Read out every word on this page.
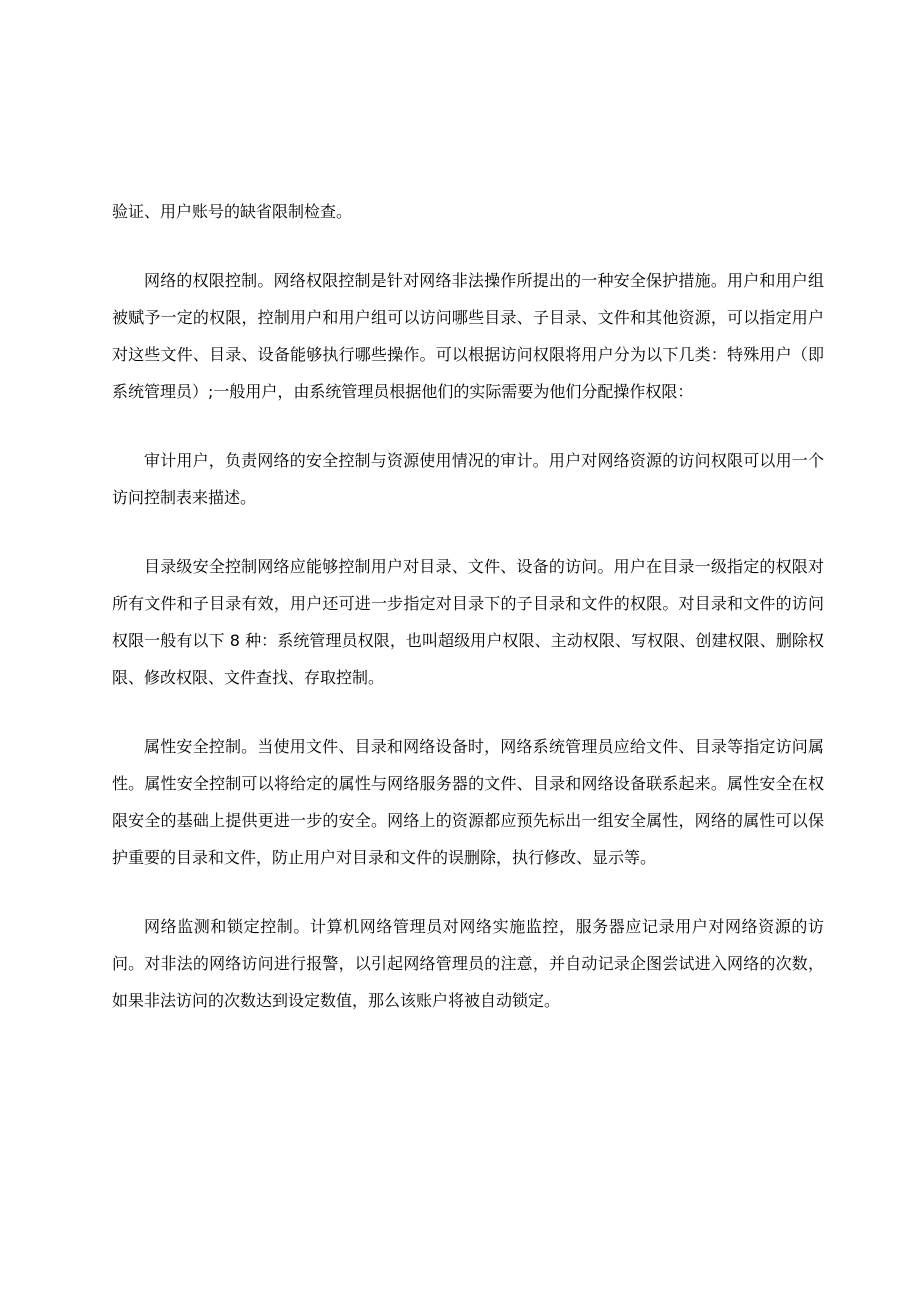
验证、用户账号的缺省限制检查。

网络的权限控制。网络权限控制是针对网络非法操作所提出的一种安全保护措施。用户和用户组被赋予一定的权限，控制用户和用户组可以访问哪些目录、子目录、文件和其他资源，可以指定用户对这些文件、目录、设备能够执行哪些操作。可以根据访问权限将用户分为以下几类：特殊用户（即系统管理员）;一般用户，由系统管理员根据他们的实际需要为他们分配操作权限：

审计用户，负责网络的安全控制与资源使用情况的审计。用户对网络资源的访问权限可以用一个访问控制表来描述。

目录级安全控制网络应能够控制用户对目录、文件、设备的访问。用户在目录一级指定的权限对所有文件和子目录有效，用户还可进一步指定对目录下的子目录和文件的权限。对目录和文件的访问权限一般有以下 8 种：系统管理员权限，也叫超级用户权限、主动权限、写权限、创建权限、删除权限、修改权限、文件查找、存取控制。

属性安全控制。当使用文件、目录和网络设备时，网络系统管理员应给文件、目录等指定访问属性。属性安全控制可以将给定的属性与网络服务器的文件、目录和网络设备联系起来。属性安全在权限安全的基础上提供更进一步的安全。网络上的资源都应预先标出一组安全属性，网络的属性可以保护重要的目录和文件，防止用户对目录和文件的误删除，执行修改、显示等。

网络监测和锁定控制。计算机网络管理员对网络实施监控，服务器应记录用户对网络资源的访问。对非法的网络访问进行报警，以引起网络管理员的注意，并自动记录企图尝试进入网络的次数，如果非法访问的次数达到设定数值，那么该账户将被自动锁定。
